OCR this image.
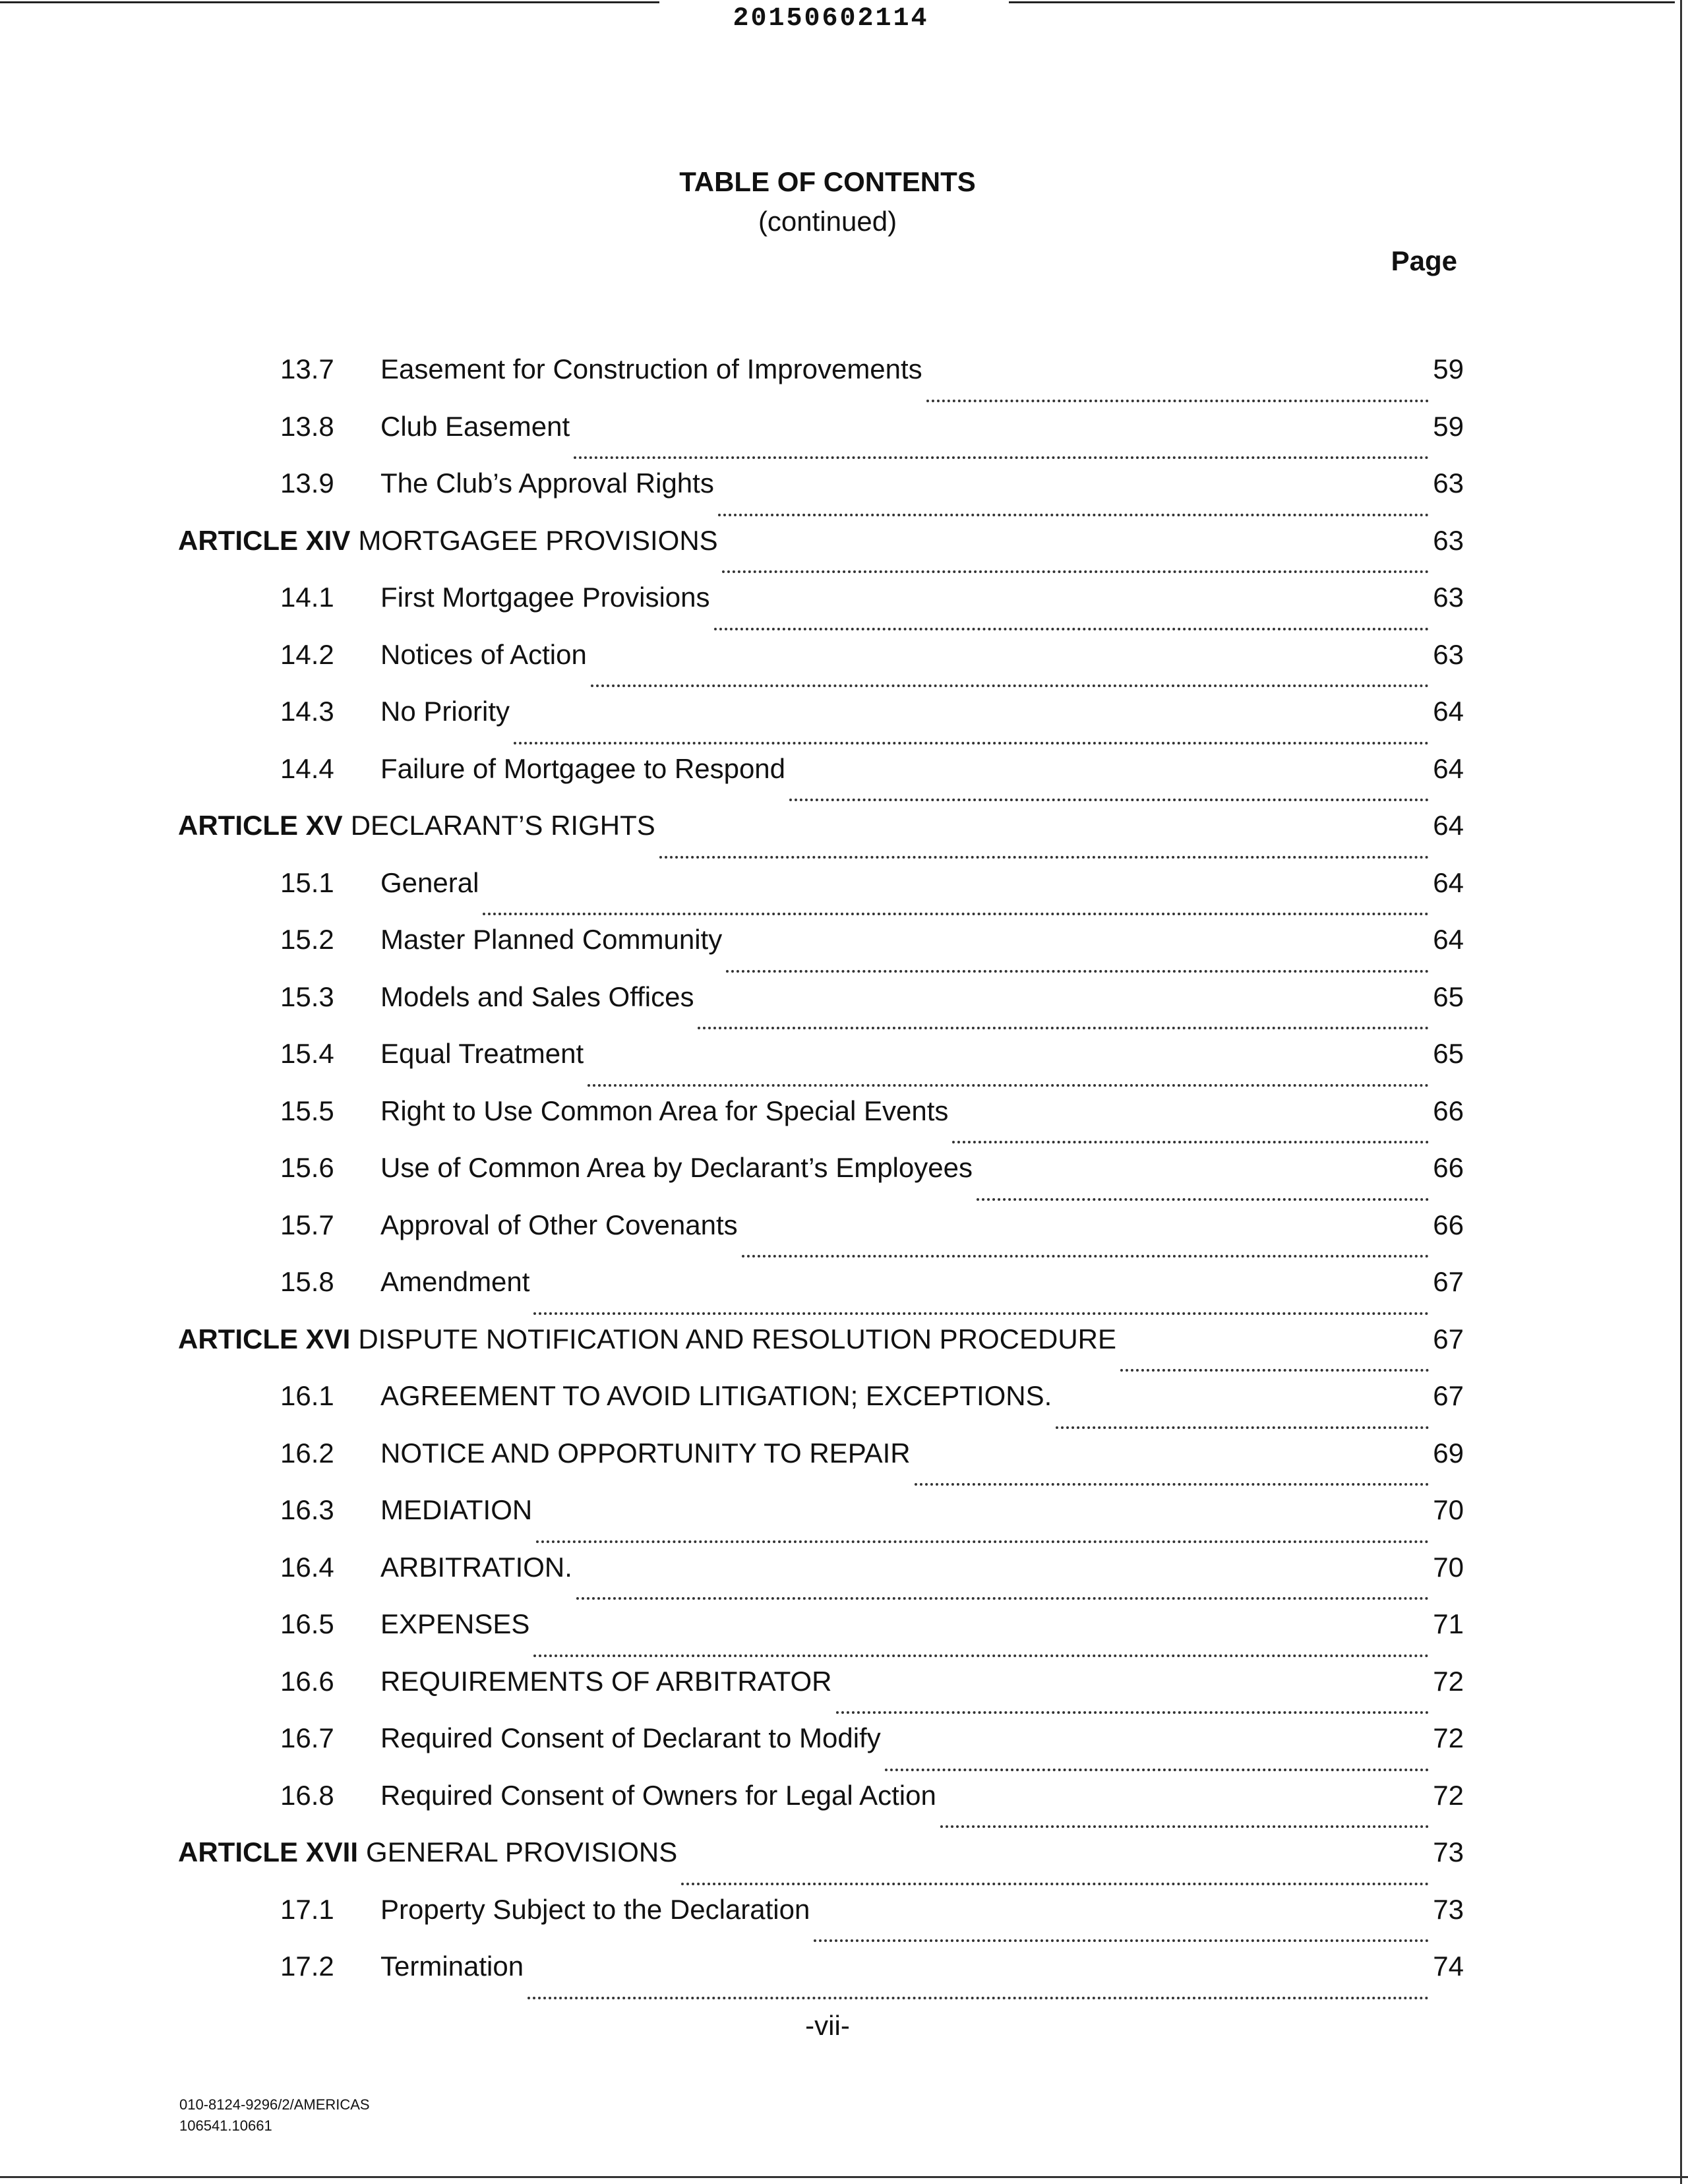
20150602114
TABLE OF CONTENTS
(continued)
Page
13.7	Easement for Construction of Improvements	59
13.8	Club Easement	59
13.9	The Club’s Approval Rights	63
ARTICLE XIV MORTGAGEE PROVISIONS	63
14.1	First Mortgagee Provisions	63
14.2	Notices of Action	63
14.3	No Priority	64
14.4	Failure of Mortgagee to Respond	64
ARTICLE XV DECLARANT’S RIGHTS	64
15.1	General	64
15.2	Master Planned Community	64
15.3	Models and Sales Offices	65
15.4	Equal Treatment	65
15.5	Right to Use Common Area for Special Events	66
15.6	Use of Common Area by Declarant’s Employees	66
15.7	Approval of Other Covenants	66
15.8	Amendment	67
ARTICLE XVI DISPUTE NOTIFICATION AND RESOLUTION PROCEDURE	67
16.1	AGREEMENT TO AVOID LITIGATION; EXCEPTIONS.	67
16.2	NOTICE AND OPPORTUNITY TO REPAIR	69
16.3	MEDIATION	70
16.4	ARBITRATION.	70
16.5	EXPENSES	71
16.6	REQUIREMENTS OF ARBITRATOR	72
16.7	Required Consent of Declarant to Modify	72
16.8	Required Consent of Owners for Legal Action	72
ARTICLE XVII GENERAL PROVISIONS	73
17.1	Property Subject to the Declaration	73
17.2	Termination	74
-vii-
010-8124-9296/2/AMERICAS
106541.10661
